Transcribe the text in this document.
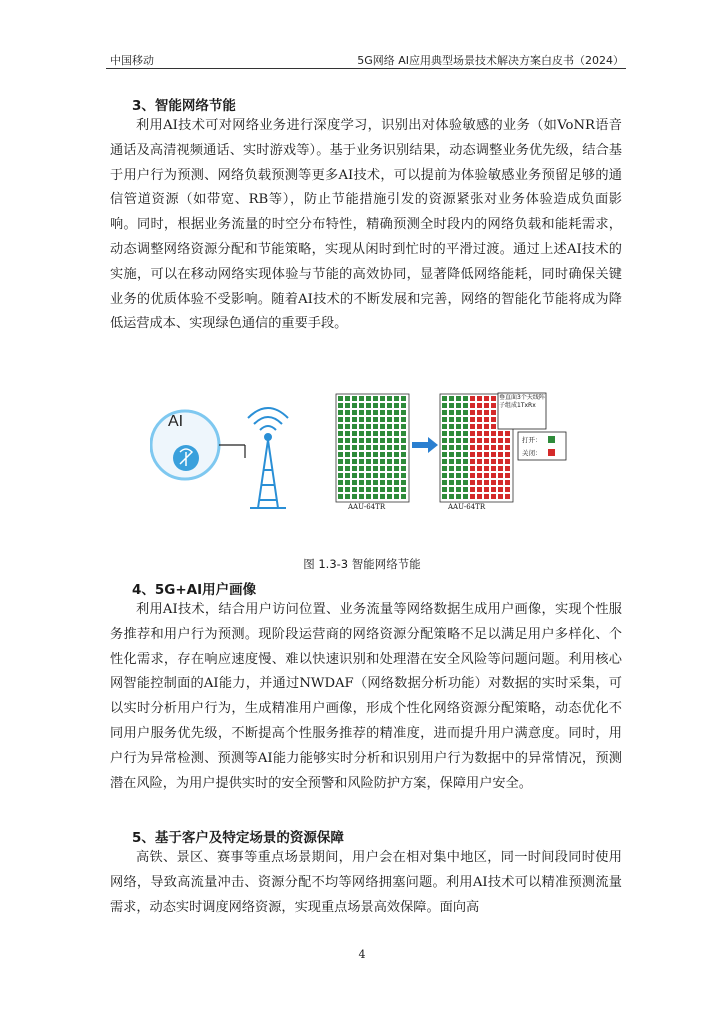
中国移动	5G网络 AI应用典型场景技术解决方案白皮书（2024）
3、智能网络节能

利用AI技术可对网络业务进行深度学习，识别出对体验敏感的业务（如VoNR语音通话及高清视频通话、实时游戏等）。基于业务识别结果，动态调整业务优先级，结合基于用户行为预测、网络负载预测等更多AI技术，可以提前为体验敏感业务预留足够的通信管道资源（如带宽、RB等），防止节能措施引发的资源紧张对业务体验造成负面影响。同时，根据业务流量的时空分布特性，精确预测全时段内的网络负载和能耗需求，动态调整网络资源分配和节能策略，实现从闲时到忙时的平滑过渡。通过上述AI技术的实施，可以在移动网络实现体验与节能的高效协同，显著降低网络能耗，同时确保关键业务的优质体验不受影响。随着AI技术的不断发展和完善，网络的智能化节能将成为降低运营成本、实现绿色通信的重要手段。

AI
AAU-64TR	AAU-64TR
垂直面3个天线阵子组成1TxRx
打开：
关闭：
图 1.3-3 智能网络节能
4、5G+AI用户画像

利用AI技术，结合用户访问位置、业务流量等网络数据生成用户画像，实现个性服务推荐和用户行为预测。现阶段运营商的网络资源分配策略不足以满足用户多样化、个性化需求，存在响应速度慢、难以快速识别和处理潜在安全风险等问题问题。利用核心网智能控制面的AI能力，并通过NWDAF（网络数据分析功能）对数据的实时采集，可以实时分析用户行为，生成精准用户画像，形成个性化网络资源分配策略，动态优化不同用户服务优先级，不断提高个性服务推荐的精准度，进而提升用户满意度。同时，用户行为异常检测、预测等AI能力能够实时分析和识别用户行为数据中的异常情况，预测潜在风险，为用户提供实时的安全预警和风险防护方案，保障用户安全。

5、基于客户及特定场景的资源保障

高铁、景区、赛事等重点场景期间，用户会在相对集中地区，同一时间段同时使用网络，导致高流量冲击、资源分配不均等网络拥塞问题。利用AI技术可以精准预测流量需求，动态实时调度网络资源，实现重点场景高效保障。面向高

4
